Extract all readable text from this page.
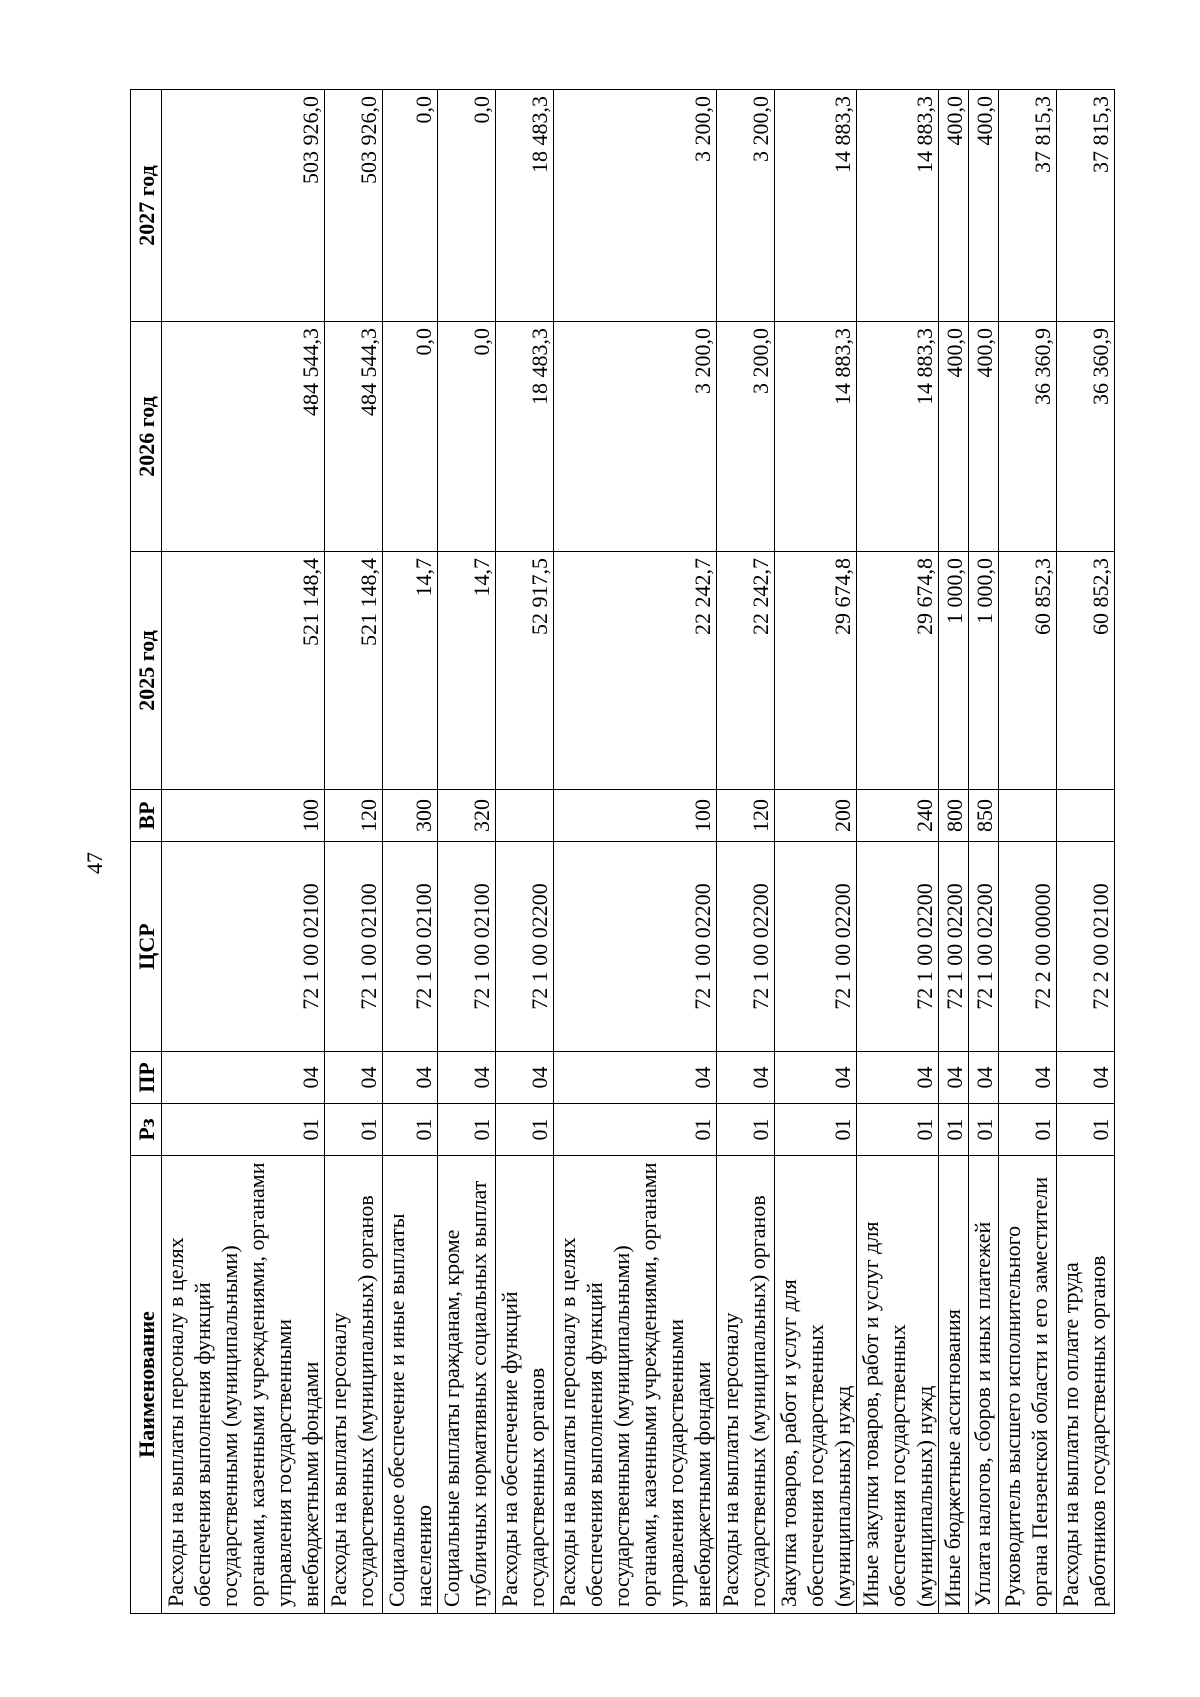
47
Наименование	Рз	ПР	ЦСР	ВР	2025 год	2026 год	2027 год
Расходы на выплаты персоналу в целях обеспечения выполнения функций государственными (муниципальными) органами, казенными учреждениями, органами управления государственными внебюджетными фондами	01	04	72 1 00 02100	100	521 148,4	484 544,3	503 926,0
Расходы на выплаты персоналу государственных (муниципальных) органов	01	04	72 1 00 02100	120	521 148,4	484 544,3	503 926,0
Социальное обеспечение и иные выплаты населению	01	04	72 1 00 02100	300	14,7	0,0	0,0
Социальные выплаты гражданам, кроме публичных нормативных социальных выплат	01	04	72 1 00 02100	320	14,7	0,0	0,0
Расходы на обеспечение функций государственных органов	01	04	72 1 00 02200		52 917,5	18 483,3	18 483,3
Расходы на выплаты персоналу в целях обеспечения выполнения функций государственными (муниципальными) органами, казенными учреждениями, органами управления государственными внебюджетными фондами	01	04	72 1 00 02200	100	22 242,7	3 200,0	3 200,0
Расходы на выплаты персоналу государственных (муниципальных) органов	01	04	72 1 00 02200	120	22 242,7	3 200,0	3 200,0
Закупка товаров, работ и услуг для обеспечения государственных (муниципальных) нужд	01	04	72 1 00 02200	200	29 674,8	14 883,3	14 883,3
Иные закупки товаров, работ и услуг для обеспечения государственных (муниципальных) нужд	01	04	72 1 00 02200	240	29 674,8	14 883,3	14 883,3
Иные бюджетные ассигнования	01	04	72 1 00 02200	800	1 000,0	400,0	400,0
Уплата налогов, сборов и иных платежей	01	04	72 1 00 02200	850	1 000,0	400,0	400,0
Руководитель высшего исполнительного органа Пензенской области и его заместители	01	04	72 2 00 00000		60 852,3	36 360,9	37 815,3
Расходы на выплаты по оплате труда работников государственных органов	01	04	72 2 00 02100		60 852,3	36 360,9	37 815,3
